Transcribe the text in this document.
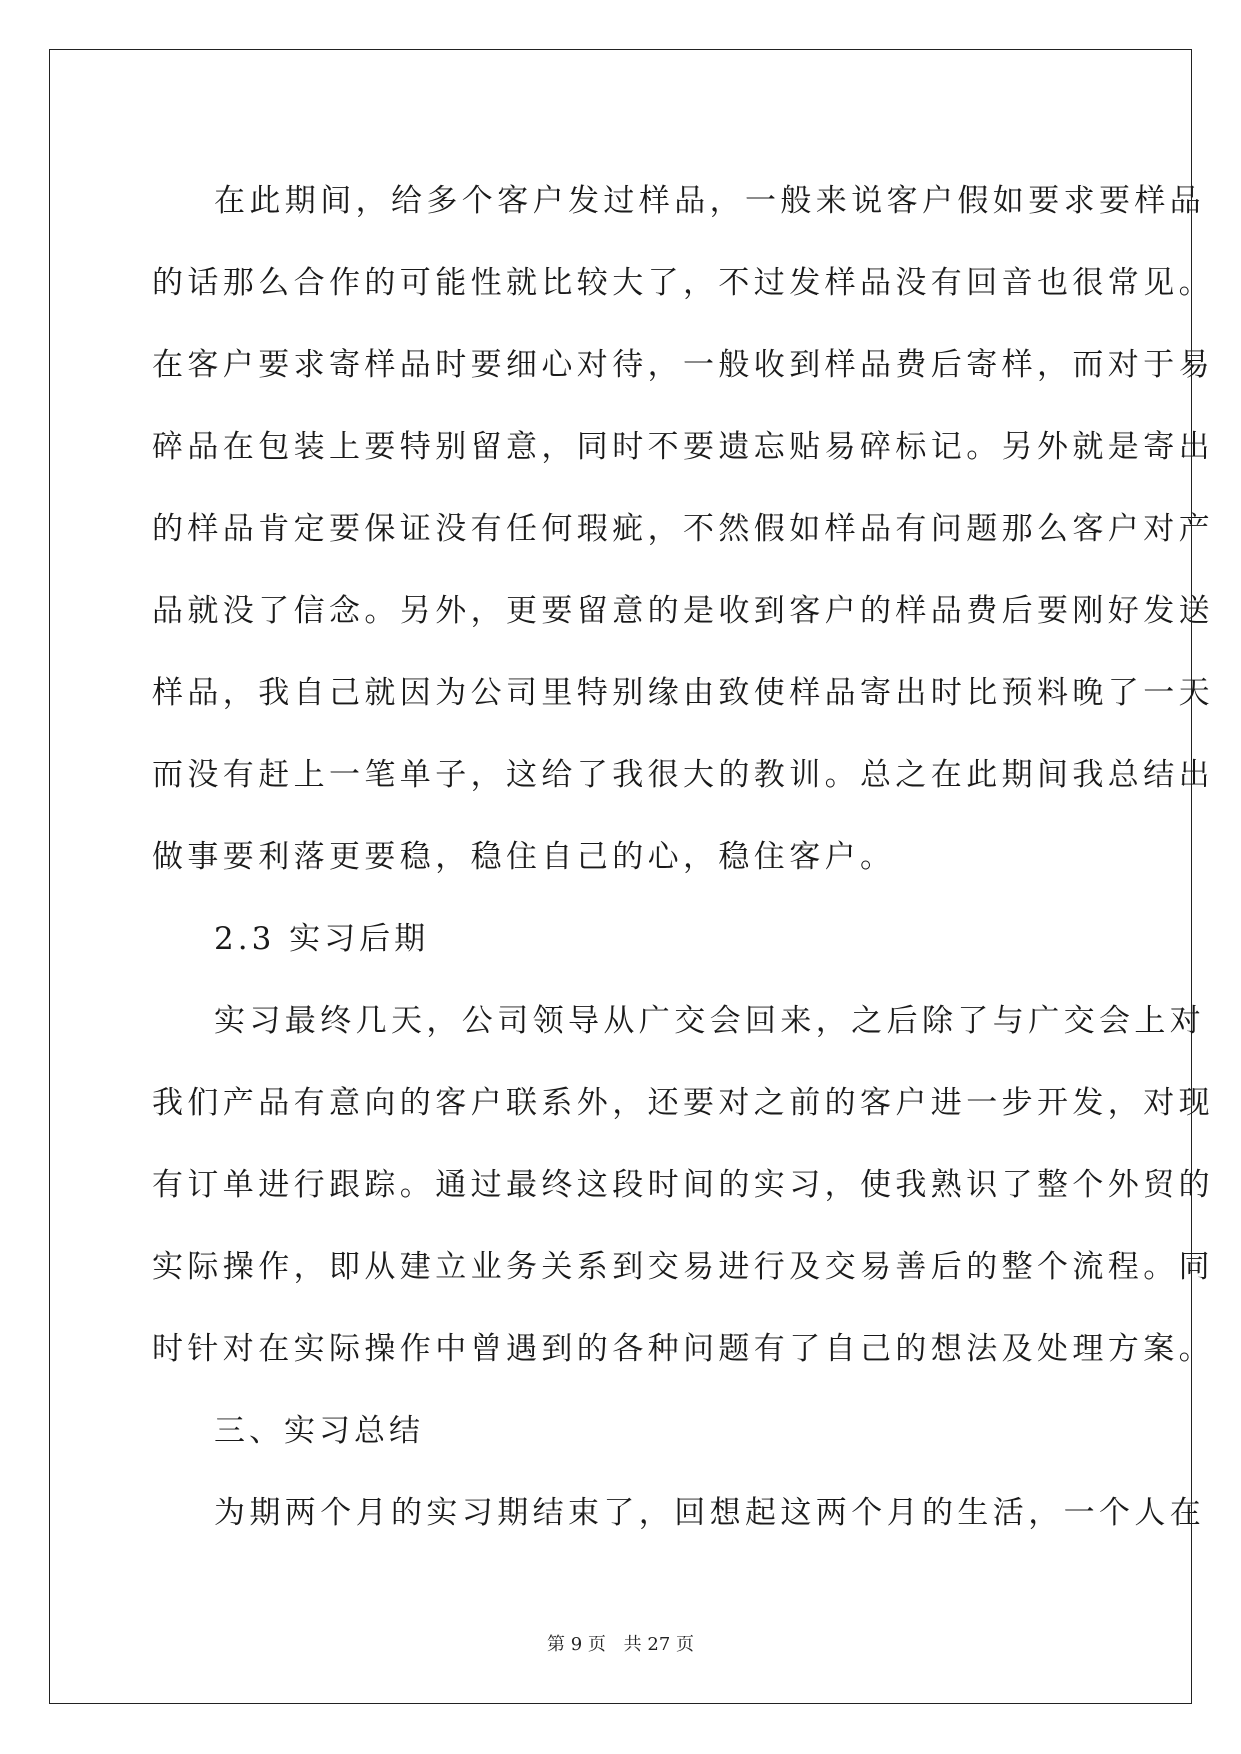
在此期间，给多个客户发过样品，一般来说客户假如要求要样品
的话那么合作的可能性就比较大了，不过发样品没有回音也很常见。
在客户要求寄样品时要细心对待，一般收到样品费后寄样，而对于易
碎品在包装上要特别留意，同时不要遗忘贴易碎标记。另外就是寄出
的样品肯定要保证没有任何瑕疵，不然假如样品有问题那么客户对产
品就没了信念。另外，更要留意的是收到客户的样品费后要刚好发送
样品，我自己就因为公司里特别缘由致使样品寄出时比预料晚了一天
而没有赶上一笔单子，这给了我很大的教训。总之在此期间我总结出
做事要利落更要稳，稳住自己的心，稳住客户。
2.3 实习后期
实习最终几天，公司领导从广交会回来，之后除了与广交会上对
我们产品有意向的客户联系外，还要对之前的客户进一步开发，对现
有订单进行跟踪。通过最终这段时间的实习，使我熟识了整个外贸的
实际操作，即从建立业务关系到交易进行及交易善后的整个流程。同
时针对在实际操作中曾遇到的各种问题有了自己的想法及处理方案。
三、实习总结
为期两个月的实习期结束了，回想起这两个月的生活，一个人在
第 9 页 共 27 页
